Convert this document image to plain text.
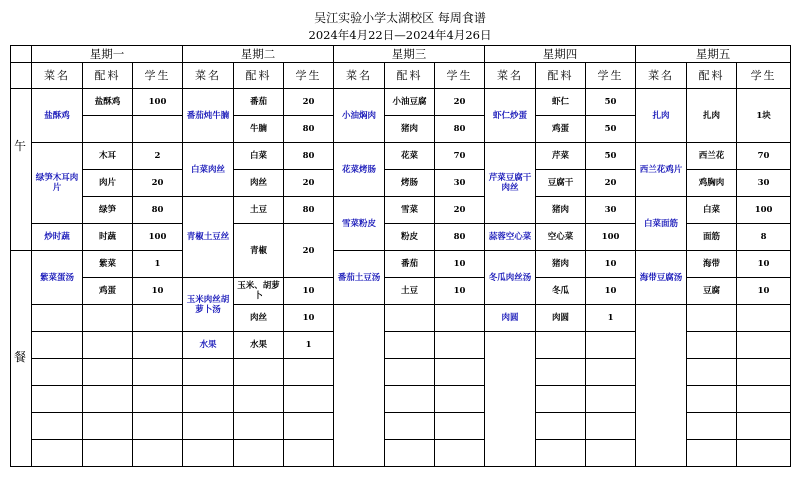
吴江实验小学太湖校区 每周食谱
2024年4月22日—2024年4月26日
	星期一			星期二			星期三			星期四			星期五		
	菜名	配料	学生	菜名	配料	学生	菜名	配料	学生	菜名	配料	学生	菜名	配料	学生
	盐酥鸡	盐酥鸡	100	番茄炖牛腩	番茄	20	小油焖肉	小油豆腐	20	虾仁炒蛋	虾仁	50	扎肉	扎肉	1块
					牛腩	80		猪肉	80		鸡蛋	50			
	绿笋木耳肉片	木耳	2	白菜肉丝	白菜	80	花菜烤肠	花菜	70	芹菜豆腐干肉丝	芹菜	50	西兰花鸡片	西兰花	70
		肉片	20		肉丝	20		烤肠	30		豆腐干	20		鸡胸肉	30
		绿笋	80	青椒土豆丝	土豆	80	雪菜粉皮	雪菜	20		猪肉	30	白菜面筋	白菜	100
	炒时蔬	时蔬	100		青椒	20		粉皮	80	蒜蓉空心菜	空心菜	100		面筋	8
	紫菜蛋汤	紫菜	1				番茄土豆汤	番茄	10	冬瓜肉丝汤	猪肉	10	海带豆腐汤	海带	10
		鸡蛋	10	玉米肉丝胡萝卜汤	玉米、胡萝卜	10		土豆	10		冬瓜	10		豆腐	10
					肉丝	10				肉圆	肉圆	1			
				水果	水果	1									

午
餐
